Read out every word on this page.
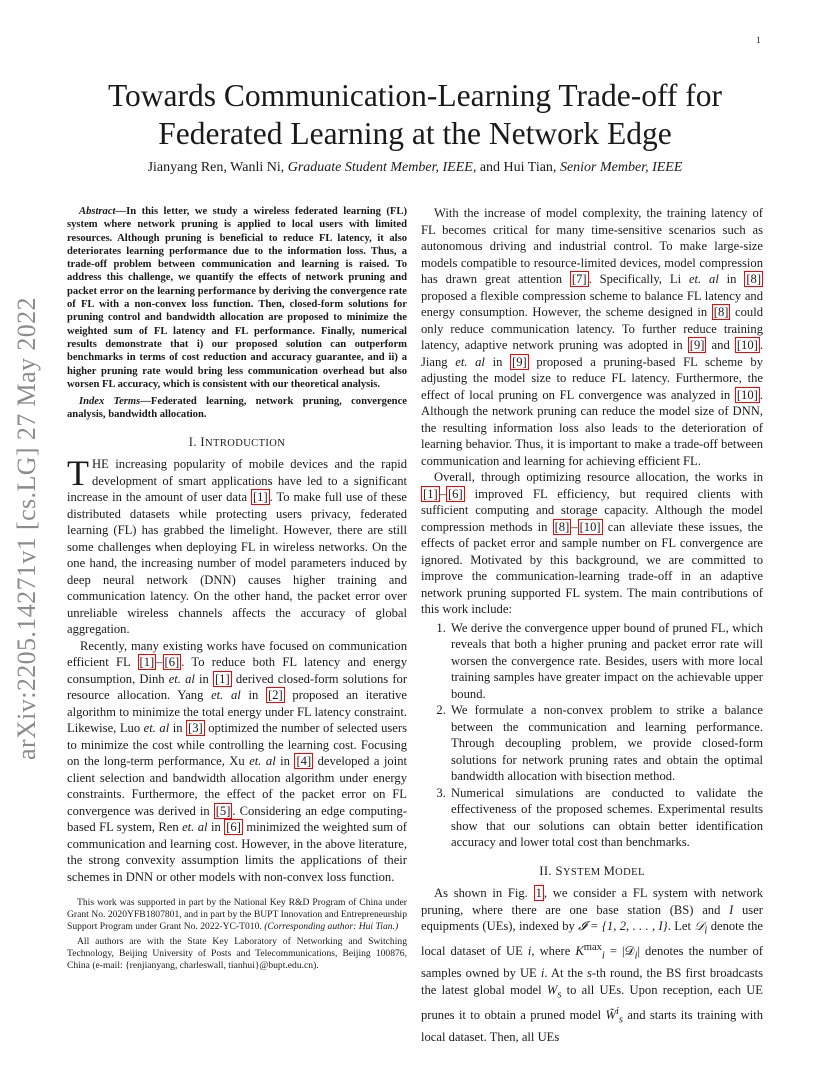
1
arXiv:2205.14271v1 [cs.LG] 27 May 2022
Towards Communication-Learning Trade-off for
Federated Learning at the Network Edge
Jianyang Ren, Wanli Ni, Graduate Student Member, IEEE, and Hui Tian, Senior Member, IEEE

Abstract—In this letter, we study a wireless federated learning (FL) system where network pruning is applied to local users with limited resources. Although pruning is beneficial to reduce FL latency, it also deteriorates learning performance due to the information loss. Thus, a trade-off problem between communication and learning is raised. To address this challenge, we quantify the effects of network pruning and packet error on the learning performance by deriving the convergence rate of FL with a non-convex loss function. Then, closed-form solutions for pruning control and bandwidth allocation are proposed to minimize the weighted sum of FL latency and FL performance. Finally, numerical results demonstrate that i) our proposed solution can outperform benchmarks in terms of cost reduction and accuracy guarantee, and ii) a higher pruning rate would bring less communication overhead but also worsen FL accuracy, which is consistent with our theoretical analysis.

Index Terms—Federated learning, network pruning, convergence analysis, bandwidth allocation.

I. INTRODUCTION

THE increasing popularity of mobile devices and the rapid development of smart applications have led to a significant increase in the amount of user data [1] . To make full use of these distributed datasets while protecting users privacy, federated learning (FL) has grabbed the limelight. However, there are still some challenges when deploying FL in wireless networks. On the one hand, the increasing number of model parameters induced by deep neural network (DNN) causes higher training and communication latency. On the other hand, the packet error over unreliable wireless channels affects the accuracy of global aggregation.

Recently, many existing works have focused on communication efficient FL [1] – [6] . To reduce both FL latency and energy consumption, Dinh et. al in [1] derived closed-form solutions for resource allocation. Yang et. al in [2] proposed an iterative algorithm to minimize the total energy under FL latency constraint. Likewise, Luo et. al in [3] optimized the number of selected users to minimize the cost while controlling the learning cost. Focusing on the long-term performance, Xu et. al in [4] developed a joint client selection and bandwidth allocation algorithm under energy constraints. Furthermore, the effect of the packet error on FL convergence was derived in [5] . Considering an edge computing-based FL system, Ren et. al in [6] minimized the weighted sum of communication and learning cost. However, in the above literature, the strong convexity assumption limits the applications of their schemes in DNN or other models with non-convex loss function.

This work was supported in part by the National Key R&D Program of China under Grant No. 2020YFB1807801, and in part by the BUPT Innovation and Entrepreneurship Support Program under Grant No. 2022-YC-T010. (Corresponding author: Hui Tian.)

All authors are with the State Key Laboratory of Networking and Switching Technology, Beijing University of Posts and Telecommunications, Beijing 100876, China (e-mail: {renjianyang, charleswall, tianhui}@bupt.edu.cn).

With the increase of model complexity, the training latency of FL becomes critical for many time-sensitive scenarios such as autonomous driving and industrial control. To make large-size models compatible to resource-limited devices, model compression has drawn great attention [7] . Specifically, Li et. al in [8] proposed a flexible compression scheme to balance FL latency and energy consumption. However, the scheme designed in [8] could only reduce communication latency. To further reduce training latency, adaptive network pruning was adopted in [9] and [10] . Jiang et. al in [9] proposed a pruning-based FL scheme by adjusting the model size to reduce FL latency. Furthermore, the effect of local pruning on FL convergence was analyzed in [10] . Although the network pruning can reduce the model size of DNN, the resulting information loss also leads to the deterioration of learning behavior. Thus, it is important to make a trade-off between communication and learning for achieving efficient FL.

Overall, through optimizing resource allocation, the works in [1] – [6] improved FL efficiency, but required clients with sufficient computing and storage capacity. Although the model compression methods in [8] – [10] can alleviate these issues, the effects of packet error and sample number on FL convergence are ignored. Motivated by this background, we are committed to improve the communication-learning trade-off in an adaptive network pruning supported FL system. The main contributions of this work include:

1. We derive the convergence upper bound of pruned FL, which reveals that both a higher pruning and packet error rate will worsen the convergence rate. Besides, users with more local training samples have greater impact on the achievable upper bound.
2. We formulate a non-convex problem to strike a balance between the communication and learning performance. Through decoupling problem, we provide closed-form solutions for network pruning rates and obtain the optimal bandwidth allocation with bisection method.
3. Numerical simulations are conducted to validate the effectiveness of the proposed schemes. Experimental results show that our solutions can obtain better identification accuracy and lower total cost than benchmarks.
II. SYSTEM MODEL

As shown in Fig. 1 , we consider a FL system with network pruning, where there are one base station (BS) and I user equipments (UEs), indexed by 𝓘 = {1, 2, . . . , I}. Let 𝒟$_i$ denote the local dataset of UE i, where $K^{max}_i$ = |𝒟$_i$| denotes the number of samples owned by UE i. At the s-th round, the BS first broadcasts the latest global model $W_s$ to all UEs. Upon reception, each UE prunes it to obtain a pruned model W̃$^i_s$ and starts its training with local dataset. Then, all UEs
